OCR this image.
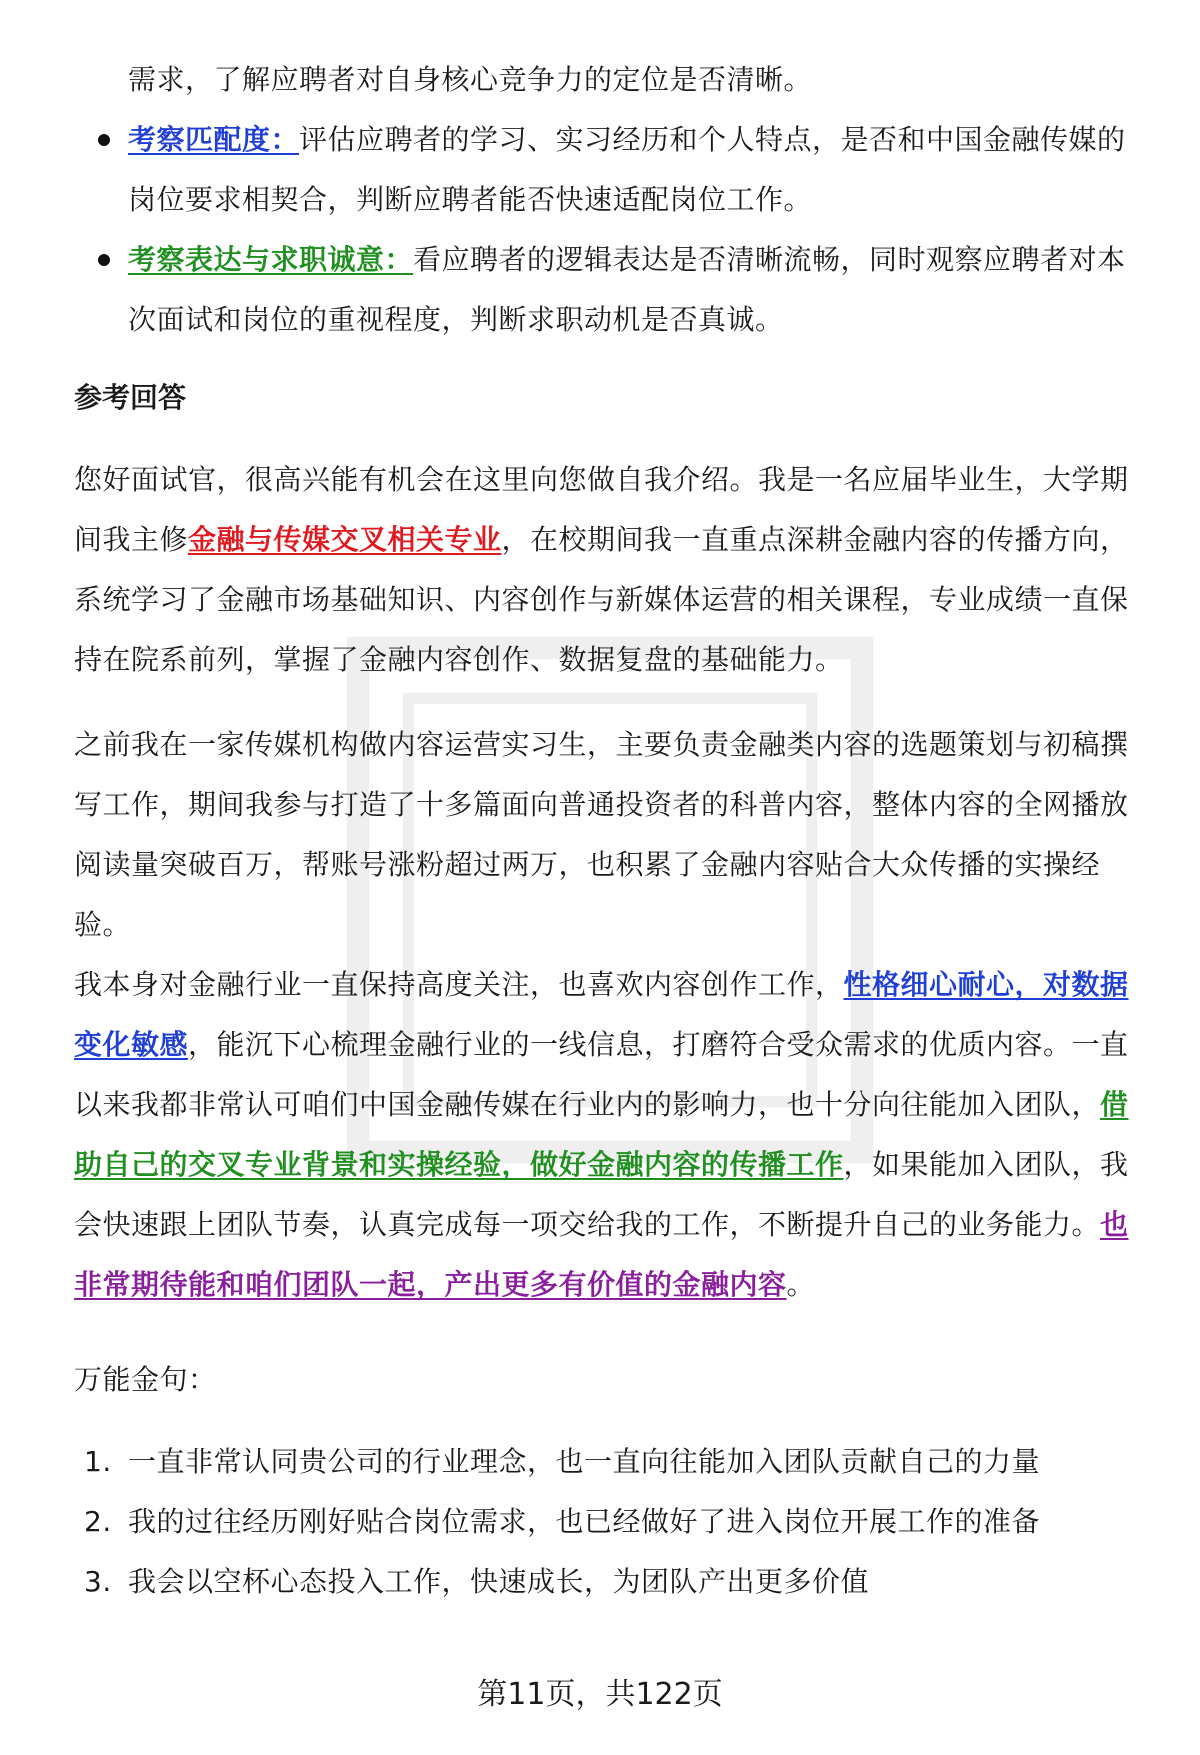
需求，了解应聘者对自身核心竞争力的定位是否清晰。

考察匹配度：评估应聘者的学习、实习经历和个人特点，是否和中国金融传媒的岗位要求相契合，判断应聘者能否快速适配岗位工作。
考察表达与求职诚意：看应聘者的逻辑表达是否清晰流畅，同时观察应聘者对本次面试和岗位的重视程度，判断求职动机是否真诚。
参考回答

您好面试官，很高兴能有机会在这里向您做自我介绍。我是一名应届毕业生，大学期间我主修金融与传媒交叉相关专业，在校期间我一直重点深耕金融内容的传播方向，系统学习了金融市场基础知识、内容创作与新媒体运营的相关课程，专业成绩一直保持在院系前列，掌握了金融内容创作、数据复盘的基础能力。

之前我在一家传媒机构做内容运营实习生，主要负责金融类内容的选题策划与初稿撰写工作，期间我参与打造了十多篇面向普通投资者的科普内容，整体内容的全网播放阅读量突破百万，帮账号涨粉超过两万，也积累了金融内容贴合大众传播的实操经验。

我本身对金融行业一直保持高度关注，也喜欢内容创作工作，性格细心耐心，对数据变化敏感，能沉下心梳理金融行业的一线信息，打磨符合受众需求的优质内容。一直以来我都非常认可咱们中国金融传媒在行业内的影响力，也十分向往能加入团队，借助自己的交叉专业背景和实操经验，做好金融内容的传播工作，如果能加入团队，我会快速跟上团队节奏，认真完成每一项交给我的工作，不断提升自己的业务能力。也非常期待能和咱们团队一起，产出更多有价值的金融内容。

万能金句：

1. 一直非常认同贵公司的行业理念，也一直向往能加入团队贡献自己的力量
2. 我的过往经历刚好贴合岗位需求，也已经做好了进入岗位开展工作的准备
3. 我会以空杯心态投入工作，快速成长，为团队产出更多价值
第11页，共122页
